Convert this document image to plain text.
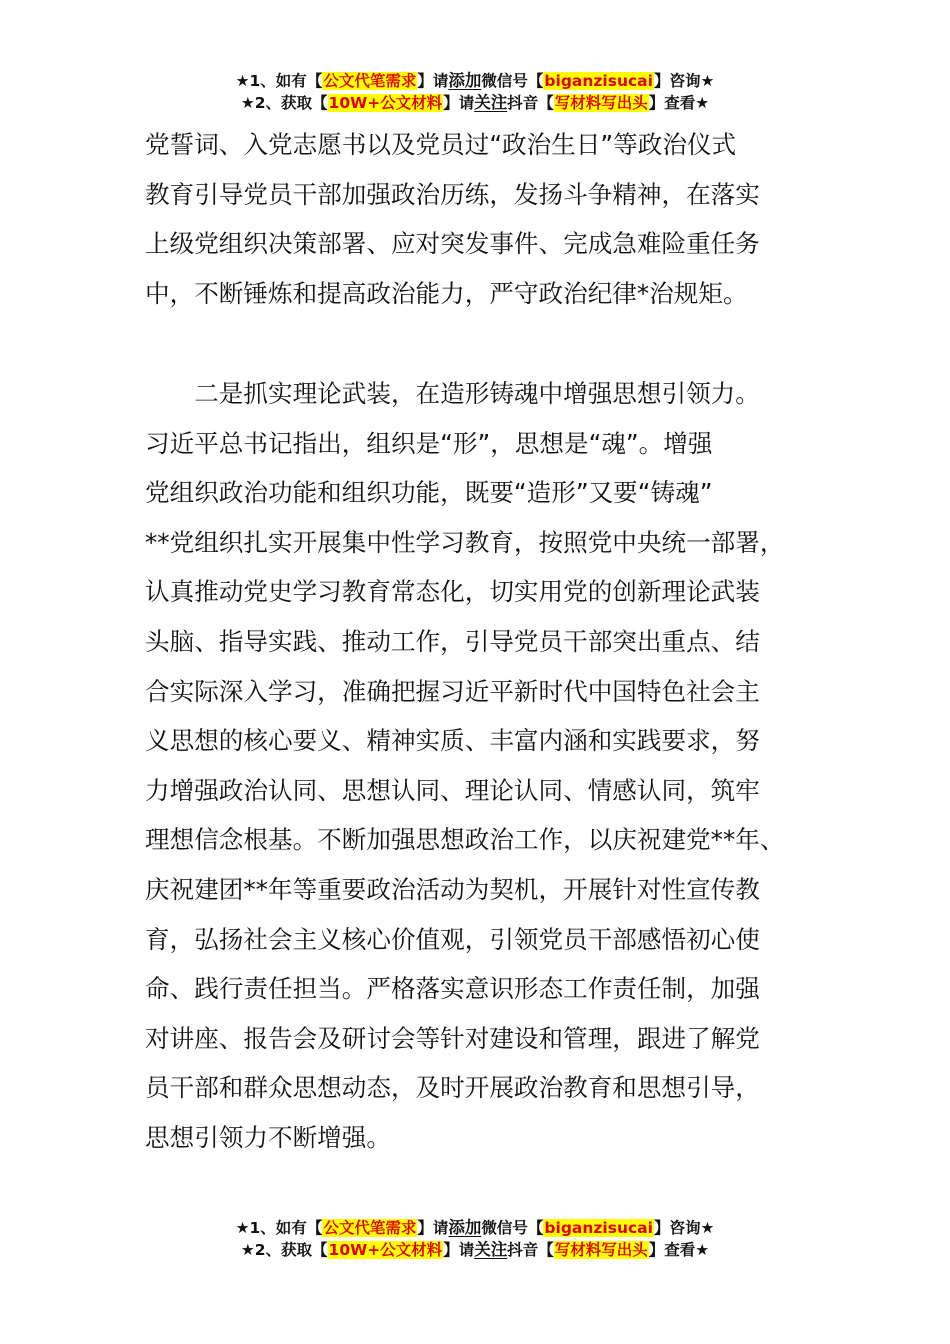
★1、如有【公文代笔需求】请添加微信号【biganzisucai】咨询★
★2、获取【10W+公文材料】请关注抖音【写材料写出头】查看★

党誓词、入党志愿书以及党员过“政治生日”等政治仪式

教育引导党员干部加强政治历练，发扬斗争精神，在落实

上级党组织决策部署、应对突发事件、完成急难险重任务

中，不断锤炼和提高政治能力，严守政治纪律*治规矩。

　　二是抓实理论武装，在造形铸魂中增强思想引领力。

习近平总书记指出，组织是“形”，思想是“魂”。增强

党组织政治功能和组织功能，既要“造形”又要“铸魂”

**党组织扎实开展集中性学习教育，按照党中央统一部署，

认真推动党史学习教育常态化，切实用党的创新理论武装

头脑、指导实践、推动工作，引导党员干部突出重点、结

合实际深入学习，准确把握习近平新时代中国特色社会主

义思想的核心要义、精神实质、丰富内涵和实践要求，努

力增强政治认同、思想认同、理论认同、情感认同，筑牢

理想信念根基。不断加强思想政治工作，以庆祝建党**年、

庆祝建团**年等重要政治活动为契机，开展针对性宣传教

育，弘扬社会主义核心价值观，引领党员干部感悟初心使

命、践行责任担当。严格落实意识形态工作责任制，加强

对讲座、报告会及研讨会等针对建设和管理，跟进了解党

员干部和群众思想动态，及时开展政治教育和思想引导，

思想引领力不断增强。

★1、如有【公文代笔需求】请添加微信号【biganzisucai】咨询★
★2、获取【10W+公文材料】请关注抖音【写材料写出头】查看★
